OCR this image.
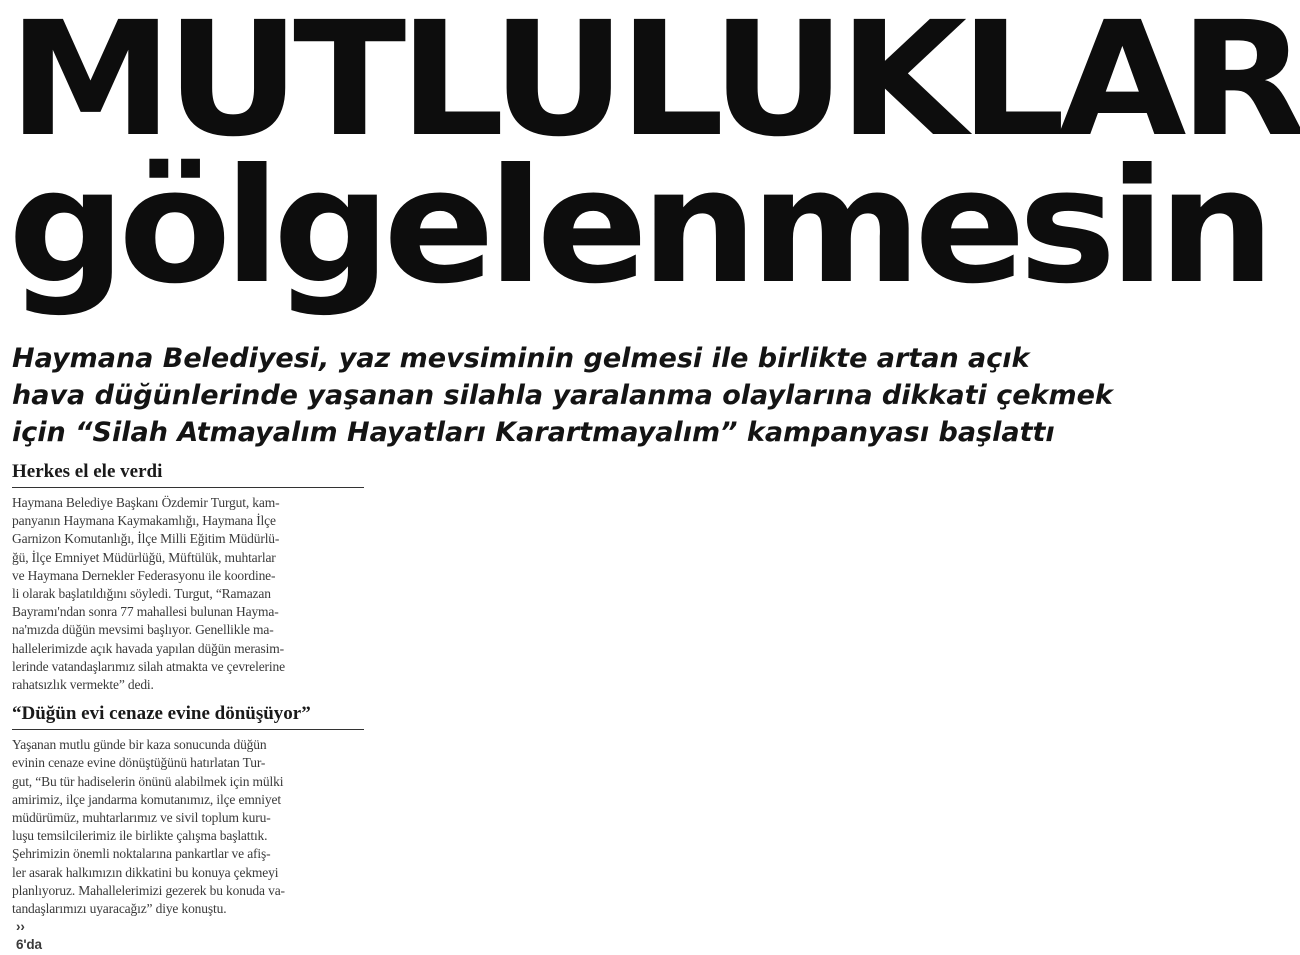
MUTLULUKLAR
gölgelenmesin
Haymana Belediyesi, yaz mevsiminin gelmesi ile birlikte artan açık
hava düğünlerinde yaşanan silahla yaralanma olaylarına dikkati çekmek
için “Silah Atmayalım Hayatları Karartmayalım” kampanyası başlattı
Herkes el ele verdi

Haymana Belediye Başkanı Özdemir Turgut, kam-
panyanın Haymana Kaymakamlığı, Haymana İlçe
Garnizon Komutanlığı, İlçe Milli Eğitim Müdürlü-
ğü, İlçe Emniyet Müdürlüğü, Müftülük, muhtarlar
ve Haymana Dernekler Federasyonu ile koordine-
li olarak başlatıldığını söyledi. Turgut, “Ramazan
Bayramı'ndan sonra 77 mahallesi bulunan Hayma-
na'mızda düğün mevsimi başlıyor. Genellikle ma-
hallelerimizde açık havada yapılan düğün merasim-
lerinde vatandaşlarımız silah atmakta ve çevrelerine
rahatsızlık vermekte” dedi.

“Düğün evi cenaze evine dönüşüyor”

Yaşanan mutlu günde bir kaza sonucunda düğün
evinin cenaze evine dönüştüğünü hatırlatan Tur-
gut, “Bu tür hadiselerin önünü alabilmek için mülki
amirimiz, ilçe jandarma komutanımız, ilçe emniyet
müdürümüz, muhtarlarımız ve sivil toplum kuru-
luşu temsilcilerimiz ile birlikte çalışma başlattık.
Şehrimizin önemli noktalarına pankartlar ve afiş-
ler asarak halkımızın dikkatini bu konuya çekmeyi
planlıyoruz. Mahallelerimizi gezerek bu konuda va-
tandaşlarımızı uyaracağız” diye konuştu.
››
6'da
